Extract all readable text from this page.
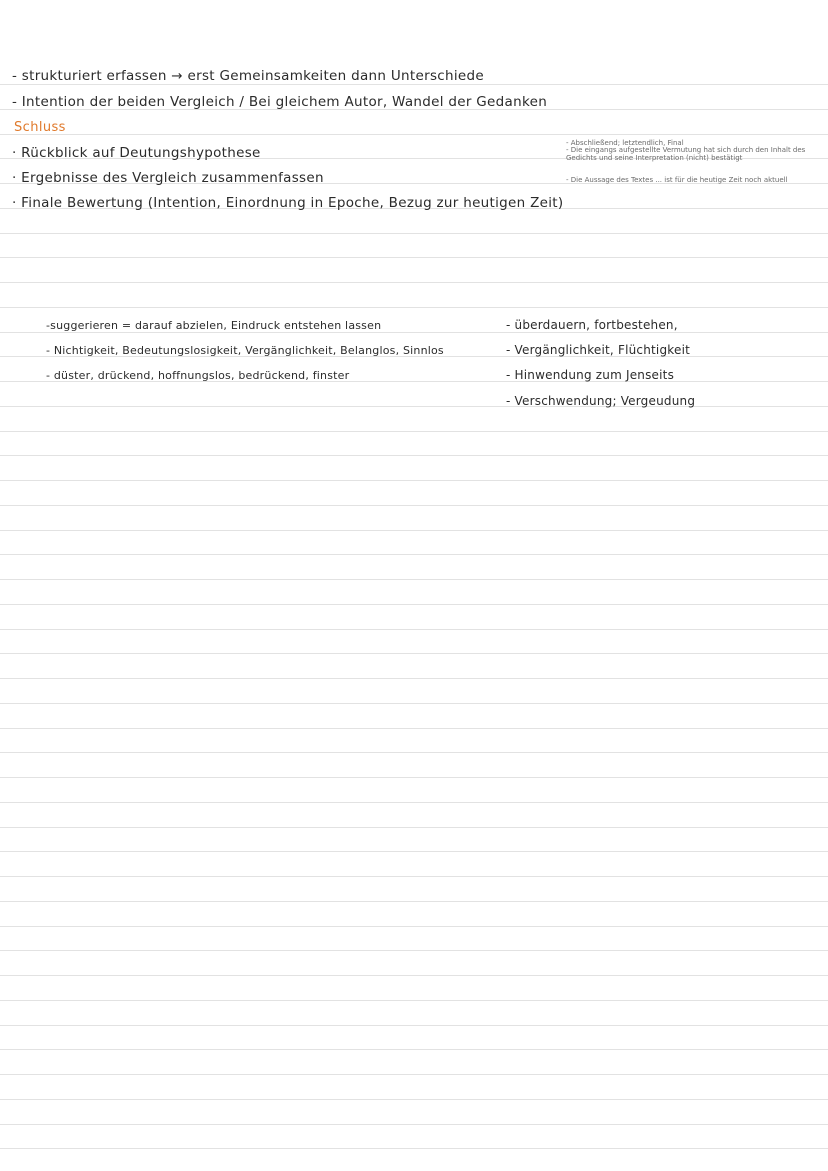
- strukturiert erfassen → erst Gemeinsamkeiten dann Unterschiede
- Intention der beiden Vergleich / Bei gleichem Autor, Wandel der Gedanken
Schluss
· Rückblick auf Deutungshypothese
· Ergebnisse des Vergleich zusammenfassen
· Finale Bewertung (Intention, Einordnung in Epoche, Bezug zur heutigen Zeit)
- Abschließend; letztendlich, Final
- Die eingangs aufgestellte Vermutung hat sich durch den Inhalt des Gedichts und seine Interpretation (nicht) bestätigt
- Die Aussage des Textes ... ist für die heutige Zeit noch aktuell
-suggerieren = darauf abzielen, Eindruck entstehen lassen
- Nichtigkeit, Bedeutungslosigkeit, Vergänglichkeit, Belanglos, Sinnlos
- düster, drückend, hoffnungslos, bedrückend, finster
- überdauern, fortbestehen,
- Vergänglichkeit, Flüchtigkeit
- Hinwendung zum Jenseits
- Verschwendung; Vergeudung
